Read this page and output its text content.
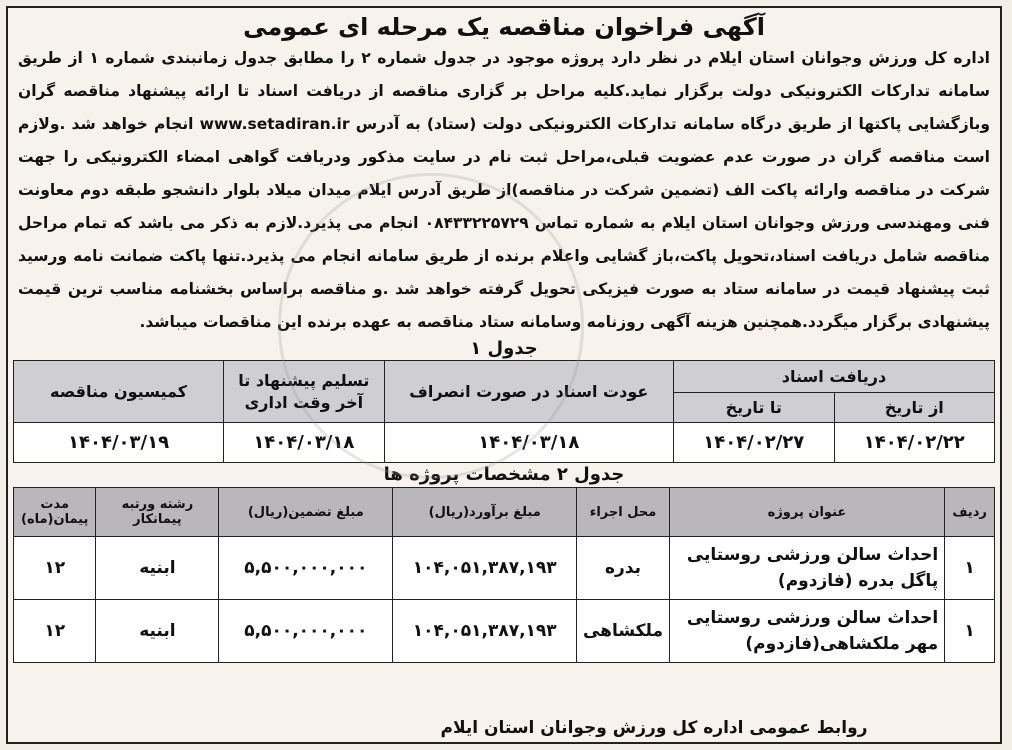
آگهی فراخوان مناقصه یک مرحله ای عمومی

اداره کل ورزش وجوانان استان ایلام در نظر دارد پروژه موجود در جدول شماره ۲ را مطابق جدول زمانبندی شماره ۱ از طریق سامانه تدارکات الکترونیکی دولت برگزار نماید.کلیه مراحل بر گزاری مناقصه از دریافت اسناد تا ارائه پیشنهاد مناقصه گران وبازگشایی پاکتها از طریق درگاه سامانه تدارکات الکترونیکی دولت (ستاد) به آدرس www.setadiran.ir انجام خواهد شد .ولازم است مناقصه گران در صورت عدم عضویت قبلی،مراحل ثبت نام در سایت مذکور ودریافت گواهی امضاء الکترونیکی را جهت شرکت در مناقصه وارائه پاکت الف (تضمین شرکت در مناقصه)از طریق آدرس ایلام میدان میلاد بلوار دانشجو طبقه دوم معاونت فنی ومهندسی ورزش وجوانان استان ایلام به شماره تماس ۰۸۴۳۳۲۲۵۷۲۹ انجام می پذیرد.لازم به ذکر می باشد که تمام مراحل مناقصه شامل دریافت اسناد،تحویل پاکت،باز گشایی واعلام برنده از طریق سامانه انجام می پذیرد.تنها پاکت ضمانت نامه ورسید ثبت پیشنهاد قیمت در سامانه ستاد به صورت فیزیکی تحویل گرفته خواهد شد .و مناقصه براساس بخشنامه مناسب ترین قیمت پیشنهادی برگزار میگردد.همچنین هزینه آگهی روزنامه وسامانه ستاد مناقصه به عهده برنده این مناقصات میباشد.

جدول ۱
دریافت اسناد		عودت اسناد در صورت انصراف	تسلیم پیشنهاد تا آخر وقت اداری	کمیسیون مناقصه
از تاریخ	تا تاریخ			
۱۴۰۴/۰۲/۲۲	۱۴۰۴/۰۲/۲۷	۱۴۰۴/۰۳/۱۸	۱۴۰۴/۰۳/۱۸	۱۴۰۴/۰۳/۱۹
جدول ۲ مشخصات پروژه ها
ردیف	عنوان پروژه	محل اجراء	مبلغ برآورد(ریال)	مبلغ تضمین(ریال)	رشته ورتبه پیمانکار	مدت پیمان(ماه)
۱	احداث سالن ورزشی روستایی پاگل بدره (فازدوم)	بدره	۱۰۴,۰۵۱,۳۸۷,۱۹۳	۵,۵۰۰,۰۰۰,۰۰۰	ابنیه	۱۲
۱	احداث سالن ورزشی روستایی مهر ملکشاهی(فازدوم)	ملکشاهی	۱۰۴,۰۵۱,۳۸۷,۱۹۳	۵,۵۰۰,۰۰۰,۰۰۰	ابنیه	۱۲
روابط عمومی اداره کل ورزش وجوانان استان ایلام
